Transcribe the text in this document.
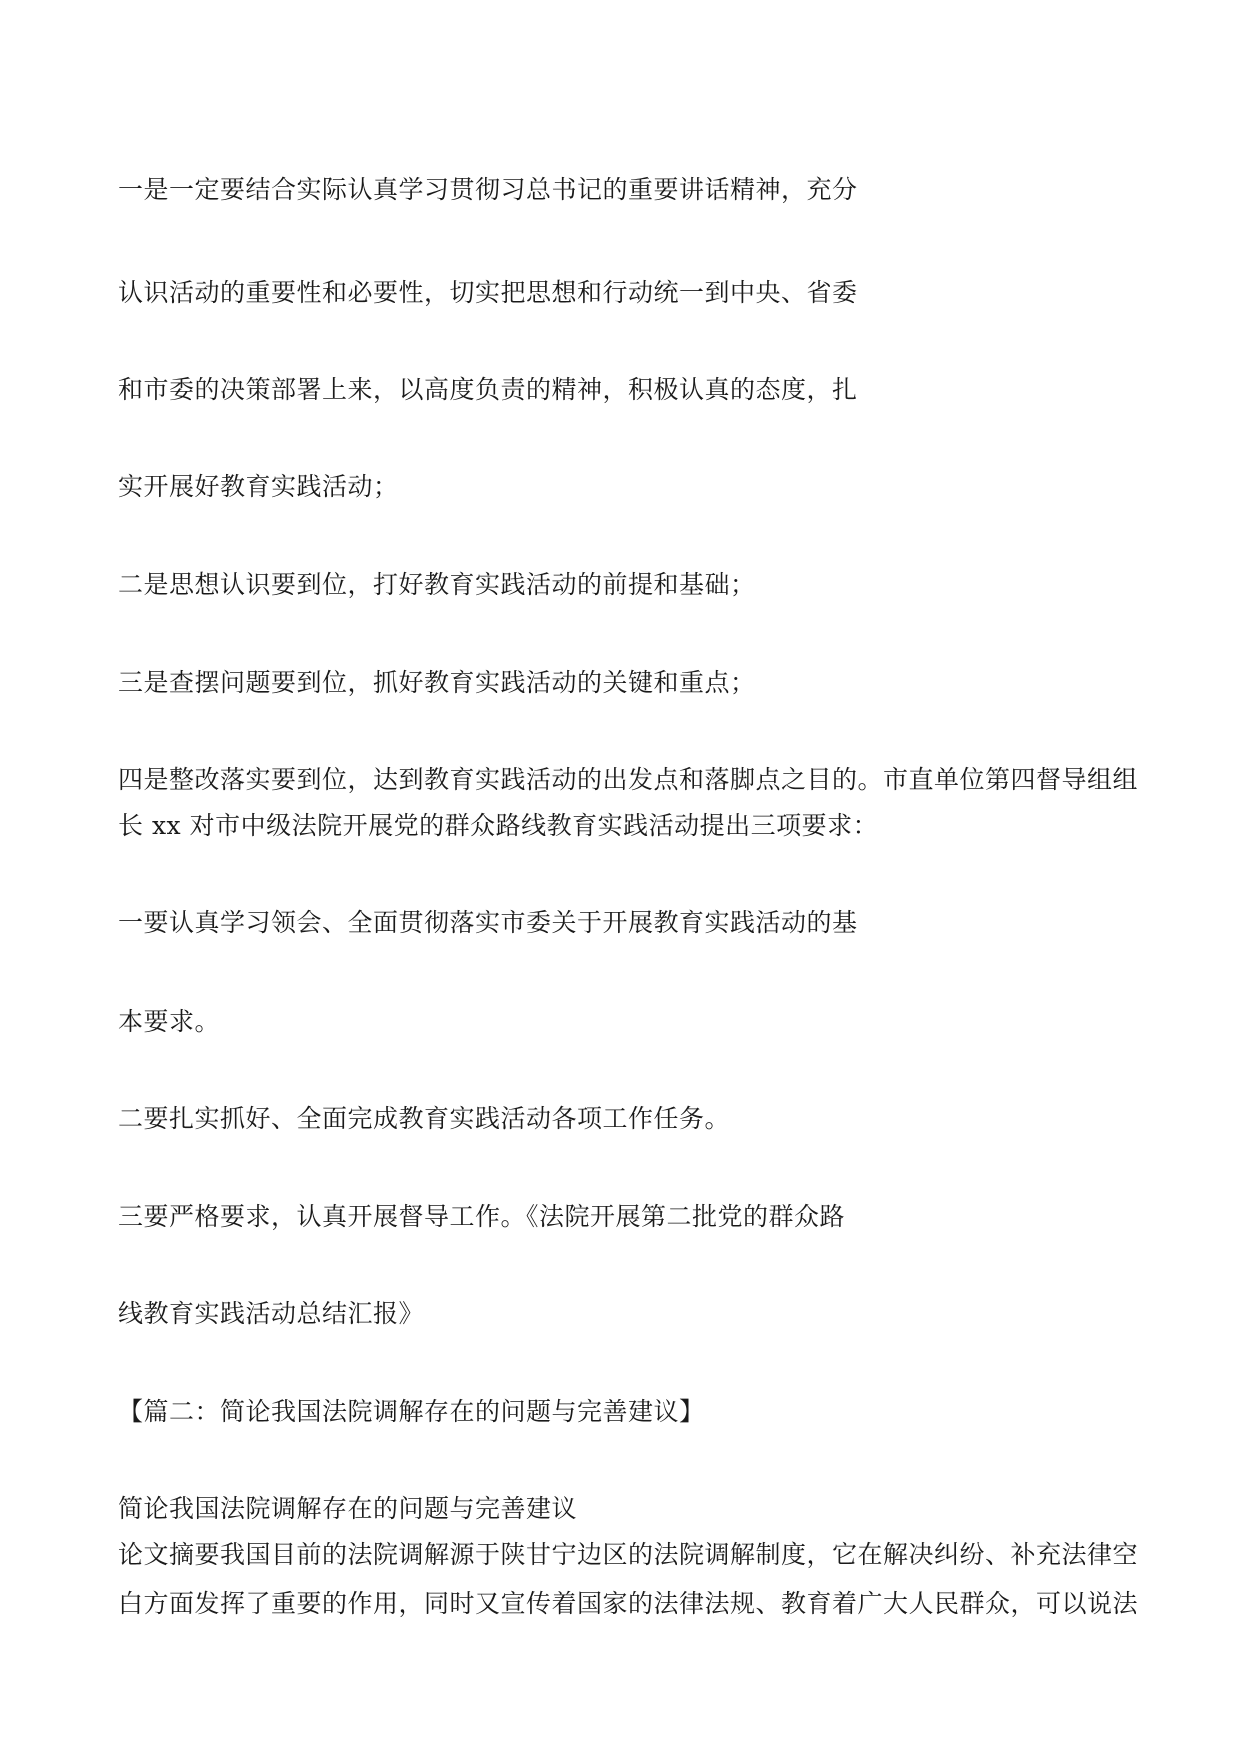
一是一定要结合实际认真学习贯彻习总书记的重要讲话精神，充分
认识活动的重要性和必要性，切实把思想和行动统一到中央、省委
和市委的决策部署上来，以高度负责的精神，积极认真的态度，扎
实开展好教育实践活动；
二是思想认识要到位，打好教育实践活动的前提和基础；
三是查摆问题要到位，抓好教育实践活动的关键和重点；
四是整改落实要到位，达到教育实践活动的出发点和落脚点之目的。市直单位第四督导组组
长 xx 对市中级法院开展党的群众路线教育实践活动提出三项要求：
一要认真学习领会、全面贯彻落实市委关于开展教育实践活动的基
本要求。
二要扎实抓好、全面完成教育实践活动各项工作任务。
三要严格要求，认真开展督导工作。《法院开展第二批党的群众路
线教育实践活动总结汇报》
【篇二：简论我国法院调解存在的问题与完善建议】
简论我国法院调解存在的问题与完善建议
论文摘要我国目前的法院调解源于陕甘宁边区的法院调解制度，它在解决纠纷、补充法律空
白方面发挥了重要的作用，同时又宣传着国家的法律法规、教育着广大人民群众，可以说法
